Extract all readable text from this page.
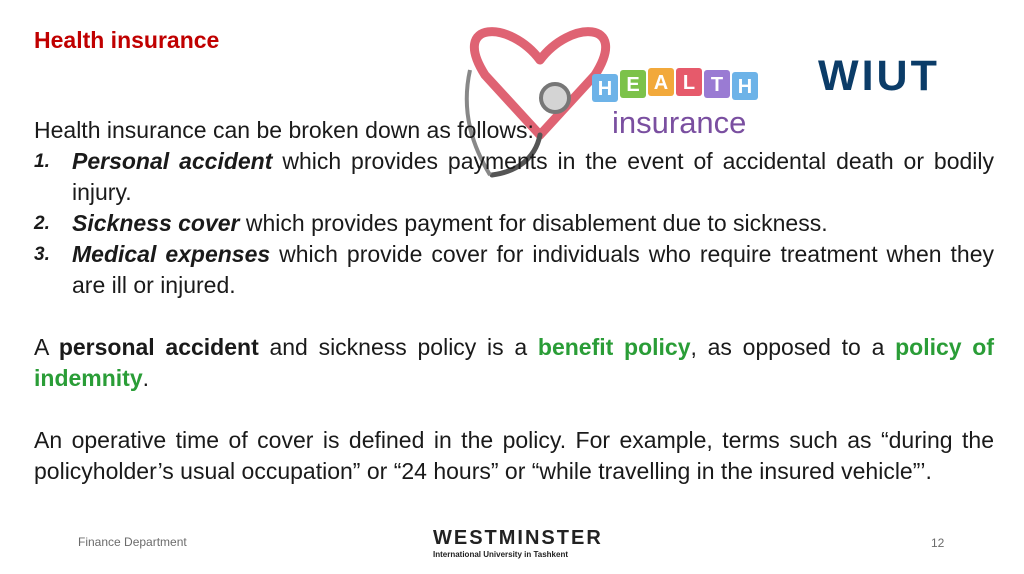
Health insurance
H E A L T H
insurance
WIUT

Health insurance can be broken down as follows:

1. Personal accident which provides payments in the event of accidental death or bodily injury.
2. Sickness cover which provides payment for disablement due to sickness.
3. Medical expenses which provide cover for individuals who require treatment when they are ill or injured.

A personal accident and sickness policy is a benefit policy, as opposed to a policy of indemnity.

An operative time of cover is defined in the policy. For example, terms such as “during the policyholder’s usual occupation” or “24 hours” or “while travelling in the insured vehicle”’.

Finance Department	WESTMINSTER
International University in Tashkent
12
